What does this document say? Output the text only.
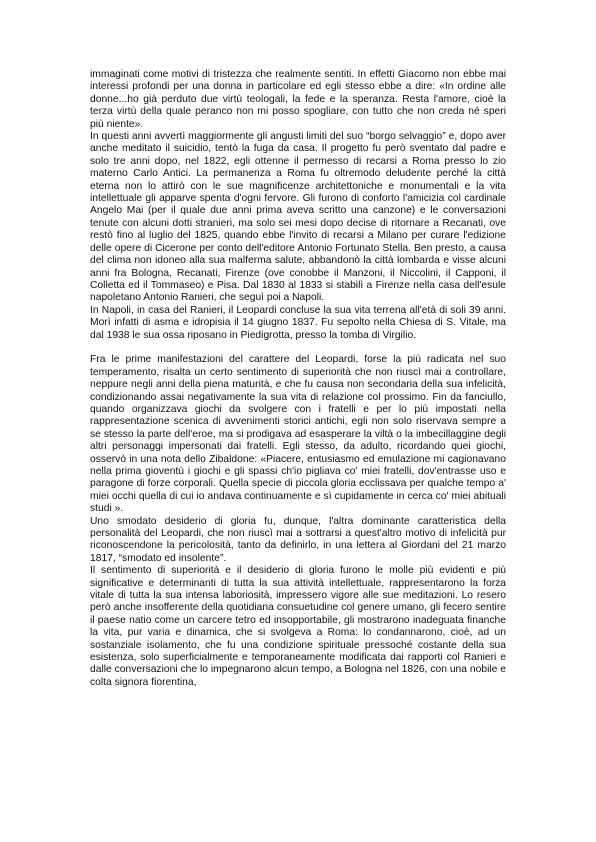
immaginati come motivi di tristezza che realmente sentiti. In effetti Giacomo non ebbe mai interessi profondi per una donna in particolare ed egli stesso ebbe a dire: «In ordine alle donne...ho già perduto due virtù teologali, la fede e la speranza. Resta l'amore, cioè la terza virtù della quale peranco non mi posso spogliare, con tutto che non creda né speri più niente».

In questi anni avvertì maggiormente gli angusti limiti del suo “borgo selvaggio” e, dopo aver anche meditato il suicidio, tentò la fuga da casa. Il progetto fu però sventato dal padre e solo tre anni dopo, nel 1822, egli ottenne il permesso di recarsi a Roma presso lo zio materno Carlo Antici. La permanenza a Roma fu oltremodo deludente perché la città eterna non lo attirò con le sue magnificenze architettoniche e monumentali e la vita intellettuale gli apparve spenta d'ogni fervore. Gli furono di conforto l'amicizia col cardinale Angelo Mai (per il quale due anni prima aveva scritto una canzone) e le conversazioni tenute con alcuni dotti stranieri, ma solo sei mesi dopo decise di ritornare a Recanati, ove restò fino al luglio del 1825, quando ebbe l'invito di recarsi a Milano per curare l'edizione delle opere di Cicerone per conto dell'editore Antonio Fortunato Stella. Ben presto, a causa del clima non idoneo alla sua malferma salute, abbandonò la città lombarda e visse alcuni anni fra Bologna, Recanati, Firenze (ove conobbe il Manzoni, il Niccolini, il Capponi, il Colletta ed il Tommaseo) e Pisa. Dal 1830 al 1833 si stabilì a Firenze nella casa dell'esule napoletano Antonio Ranieri, che seguì poi a Napoli.

In Napoli, in casa del Ranieri, il Leopardi concluse la sua vita terrena all'età di soli 39 anni. Morì infatti di asma e idropisia il 14 giugno 1837. Fu sepolto nella Chiesa di S. Vitale, ma dal 1938 le sua ossa riposano in Piedigrotta, presso la tomba di Virgilio.

Fra le prime manifestazioni del carattere del Leopardi, forse la più radicata nel suo temperamento, risalta un certo sentimento di superiorità che non riuscì mai a controllare, neppure negli anni della piena maturità, e che fu causa non secondaria della sua infelicità, condizionando assai negativamente la sua vita di relazione col prossimo. Fin da fanciullo, quando organizzava giochi da svolgere con i fratelli e per lo più impostati nella rappresentazione scenica di avvenimenti storici antichi, egli non solo riservava sempre a se stesso la parte dell'eroe, ma si prodigava ad esasperare la viltà o la imbecillaggine degli altri personaggi impersonati dai fratelli. Egli stesso, da adulto, ricordando quei giochi, osservò in una nota dello Zibaldone: «Piacere, entusiasmo ed emulazione mi cagionavano nella prima gioventù i giochi e gli spassi ch'io pigliava co' miei fratelli, dov'entrasse uso e paragone di forze corporali. Quella specie di piccola gloria ecclissava per qualche tempo a' miei occhi quella di cui io andava continuamente e sì cupidamente in cerca co' miei abituali studi ».

Uno smodato desiderio di gloria fu, dunque, l'altra dominante caratteristica della personalità del Leopardi, che non riuscì mai a sottrarsi a quest'altro motivo di infelicità pur riconoscendone la pericolosità, tanto da definirlo, in una lettera al Giordani del 21 marzo 1817, “smodato ed insolente”.

Il sentimento di superiorità e il desiderio di gloria furono le molle più evidenti e più significative e determinanti di tutta la sua attività intellettuale, rappresentarono la forza vitale di tutta la sua intensa laboriosità, impressero vigore alle sue meditazioni. Lo resero però anche insofferente della quotidiana consuetudine col genere umano, gli fecero sentire il paese natio come un carcere tetro ed insopportabile, gli mostrarono inadeguata finanche la vita, pur varia e dinamica, che si svolgeva a Roma: lo condannarono, cioè, ad un sostanziale isolamento, che fu una condizione spirituale pressoché costante della sua esistenza, solo superficialmente e temporaneamente modificata dai rapporti col Ranieri e dalle conversazioni che lo impegnarono alcun tempo, a Bologna nel 1826, con una nobile e colta signora fiorentina,
